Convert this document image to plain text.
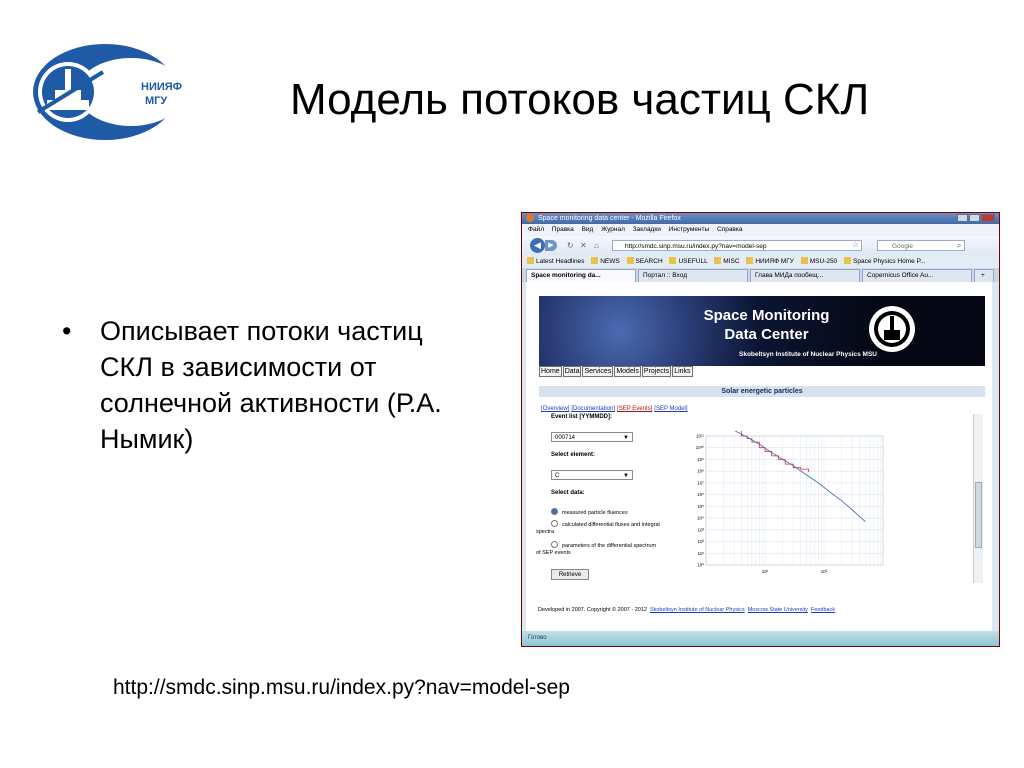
НИИЯФ
МГУ	Модель потоков частиц СКЛ
•	Описывает потоки частиц СКЛ в зависимости от солнечной активности (Р.А. Нымик)
http://smdc.sinp.msu.ru/index.py?nav=model-sep
Space monitoring data center - Mozilla Firefox
Файл Правка Вид Журнал Закладки Инструменты Справка
◀	▶	↻ ✕ ⌂	http://smdc.sinp.msu.ru/index.py?nav=model-sep	☆	Google	⌕
Latest Headlines NEWS SEARCH USEFULL MISC НИИЯФ МГУ MSU-250 Space Physics Home P...
Space monitoring da...	Портал :: Вход	Глава МИДа пообещ...	Copernicus Office Au...	+
Space Monitoring Data Center
Skobeltsyn Institute of Nuclear Physics MSU
Home Data Services Models Projects Links
Solar energetic particles
[Overview] [Documentation] [SEP Events] [SEP Model]
Event list [YYMMDD]:
000714	▼
Select element:
C	▼
Select data:
measured particle fluences
calculated differential fluxes and integral spectra
parameters of the differential spectrum of SEP events
Retrieve
10⁰
10¹
10²
10³
10⁴
10⁵
10⁶
10⁷
10⁸
10⁹
10¹⁰
10¹¹
10¹	10²
Developed in 2007. Copyright © 2007 - 2012 Skobeltsyn Institute of Nuclear Physics Moscow State University Feedback
Готово
